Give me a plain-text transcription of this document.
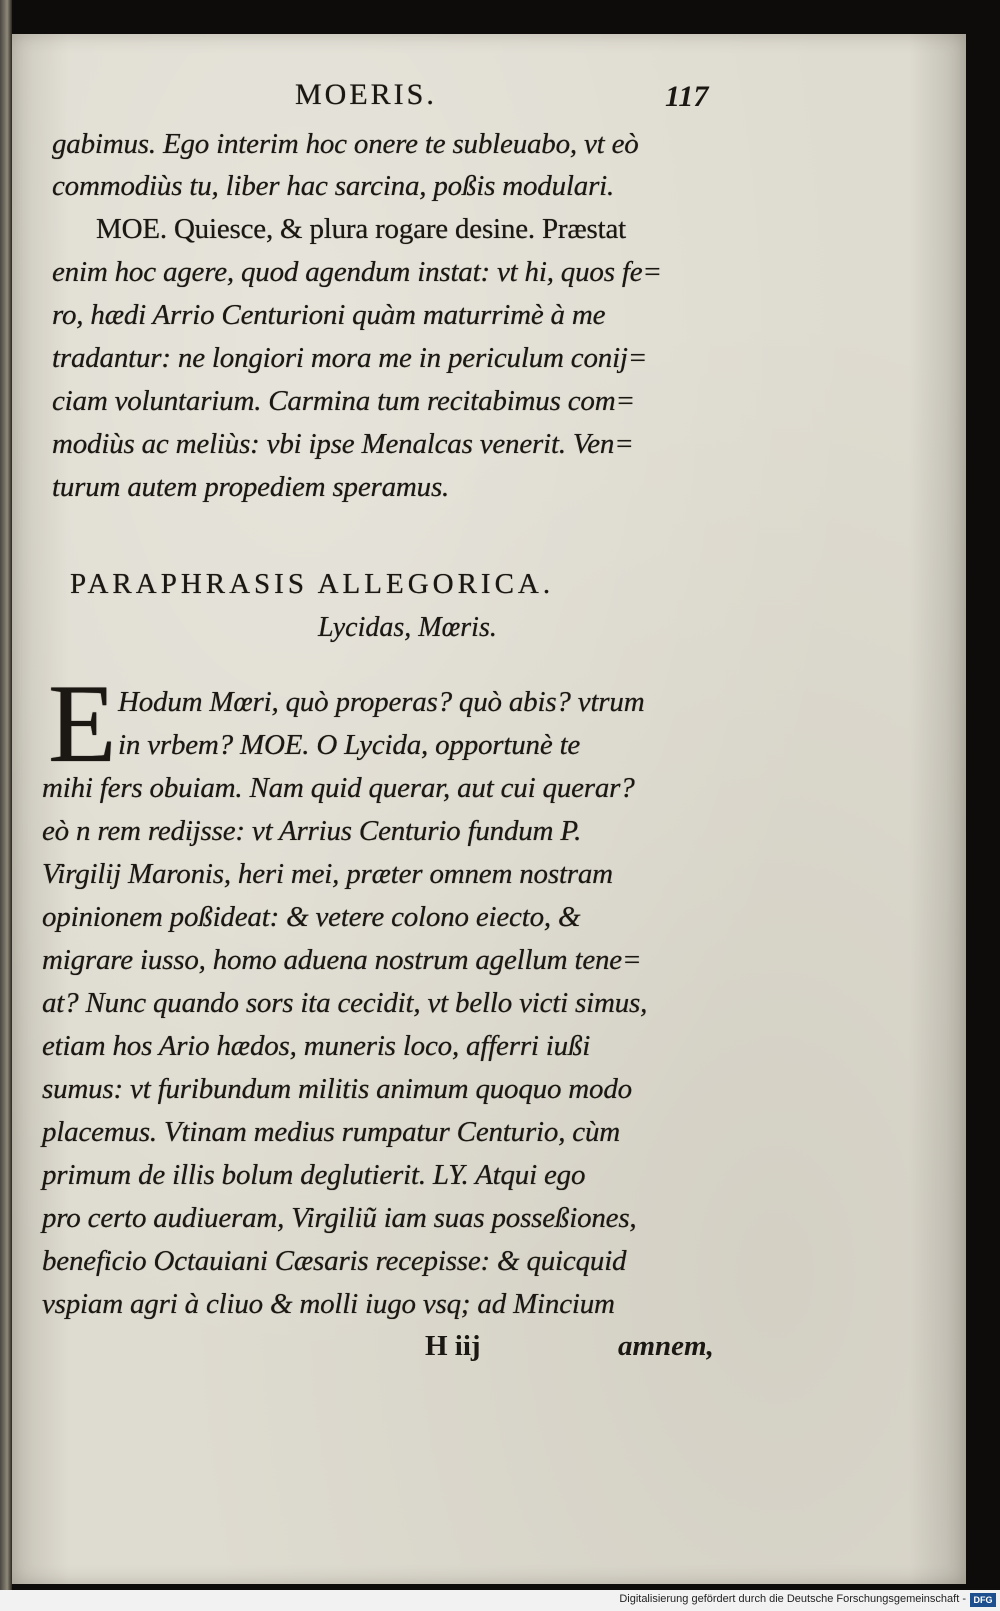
MOERIS.	117
gabimus. Ego interim hoc onere te subleuabo, vt eò
commodiùs tu, liber hac sarcina, poßis modulari.
MOE. Quiesce, & plura rogare desine. Præstat
enim hoc agere, quod agendum instat: vt hi, quos fe=
ro, hædi Arrio Centurioni quàm maturrimè à me
tradantur: ne longiori mora me in periculum conij=
ciam voluntarium. Carmina tum recitabimus com=
modiùs ac meliùs: vbi ipse Menalcas venerit. Ven=
turum autem propediem speramus.
PARAPHRASIS ALLEGORICA.
Lycidas, Mœris.
E Hodum Mœri, quò properas? quò abis? vtrum
in vrbem? MOE. O Lycida, opportunè te
mihi fers obuiam. Nam quid querar, aut cui querar?
eò n rem redijsse: vt Arrius Centurio fundum P.
Virgilij Maronis, heri mei, præter omnem nostram
opinionem poßideat: & vetere colono eiecto, &
migrare iusso, homo aduena nostrum agellum tene=
at? Nunc quando sors ita cecidit, vt bello victi simus,
etiam hos Ario hædos, muneris loco, afferri iußi
sumus: vt furibundum militis animum quoquo modo
placemus. Vtinam medius rumpatur Centurio, cùm
primum de illis bolum deglutierit. LY. Atqui ego
pro certo audiueram, Virgiliũ iam suas posseßiones,
beneficio Octauiani Cæsaris recepisse: & quicquid
vspiam agri à cliuo & molli iugo vsq; ad Mincium
H iij	amnem,
Digitalisierung gefördert durch die Deutsche Forschungsgemeinschaft - DFG
